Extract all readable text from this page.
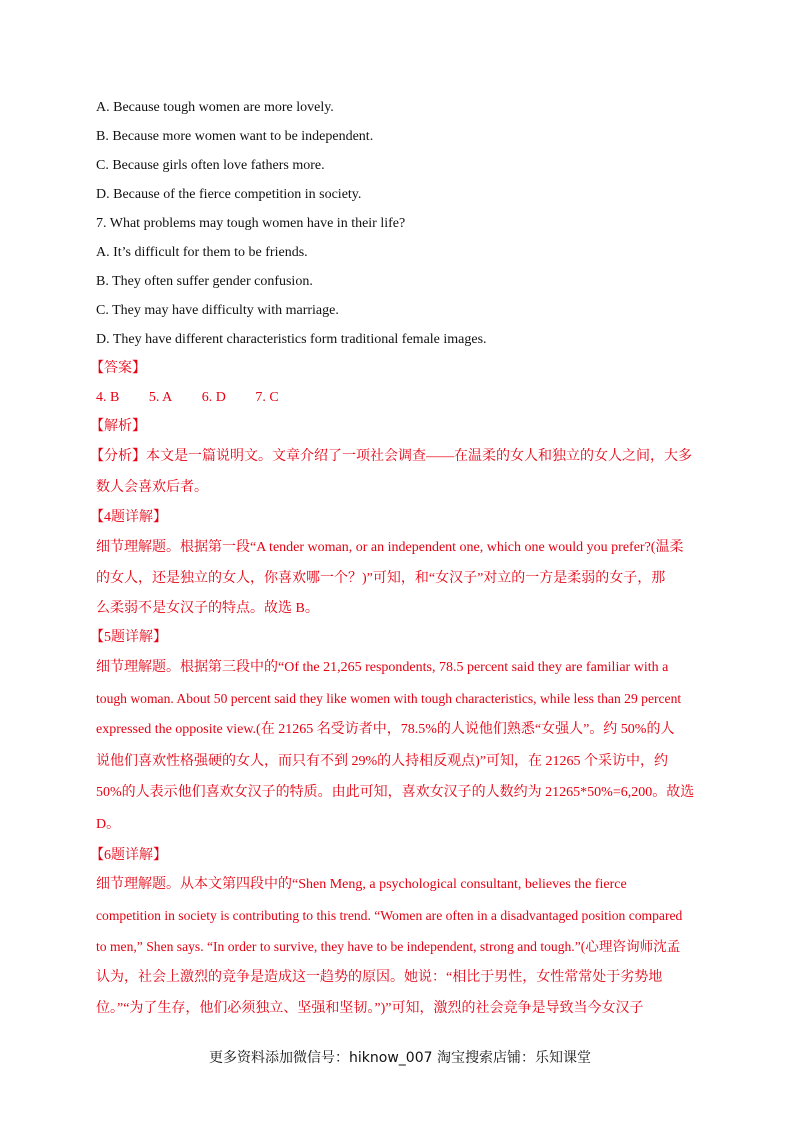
A. Because tough women are more lovely.
B. Because more women want to be independent.
C. Because girls often love fathers more.
D. Because of the fierce competition in society.
7. What problems may tough women have in their life?
A. It’s difficult for them to be friends.
B. They often suffer gender confusion.
C. They may have difficulty with marriage.
D. They have different characteristics form traditional female images.
【答案】
4. B 5. A 6. D 7. C
【解析】
【分析】本文是一篇说明文。文章介绍了一项社会调查——在温柔的女人和独立的女人之间，大多
数人会喜欢后者。
【4题详解】
细节理解题。根据第一段“A tender woman, or an independent one, which one would you prefer?(温柔
的女人，还是独立的女人，你喜欢哪一个？)”可知，和“女汉子”对立的一方是柔弱的女子，那
么柔弱不是女汉子的特点。故选 B。
【5题详解】
细节理解题。根据第三段中的“Of the 21,265 respondents, 78.5 percent said they are familiar with a
tough woman. About 50 percent said they like women with tough characteristics, while less than 29 percent
expressed the opposite view.(在 21265 名受访者中，78.5%的人说他们熟悉“女强人”。约 50%的人
说他们喜欢性格强硬的女人，而只有不到 29%的人持相反观点)”可知，在 21265 个采访中，约
50%的人表示他们喜欢女汉子的特质。由此可知，喜欢女汉子的人数约为 21265*50%=6,200。故选
D。
【6题详解】
细节理解题。从本文第四段中的“Shen Meng, a psychological consultant, believes the fierce
competition in society is contributing to this trend. “Women are often in a disadvantaged position compared
to men,” Shen says. “In order to survive, they have to be independent, strong and tough.”(心理咨询师沈孟
认为，社会上激烈的竞争是造成这一趋势的原因。她说：“相比于男性，女性常常处于劣势地
位。”“为了生存，他们必须独立、坚强和坚韧。”)”可知，激烈的社会竞争是导致当今女汉子
更多资料添加微信号：hiknow_007 淘宝搜索店铺：乐知课堂
